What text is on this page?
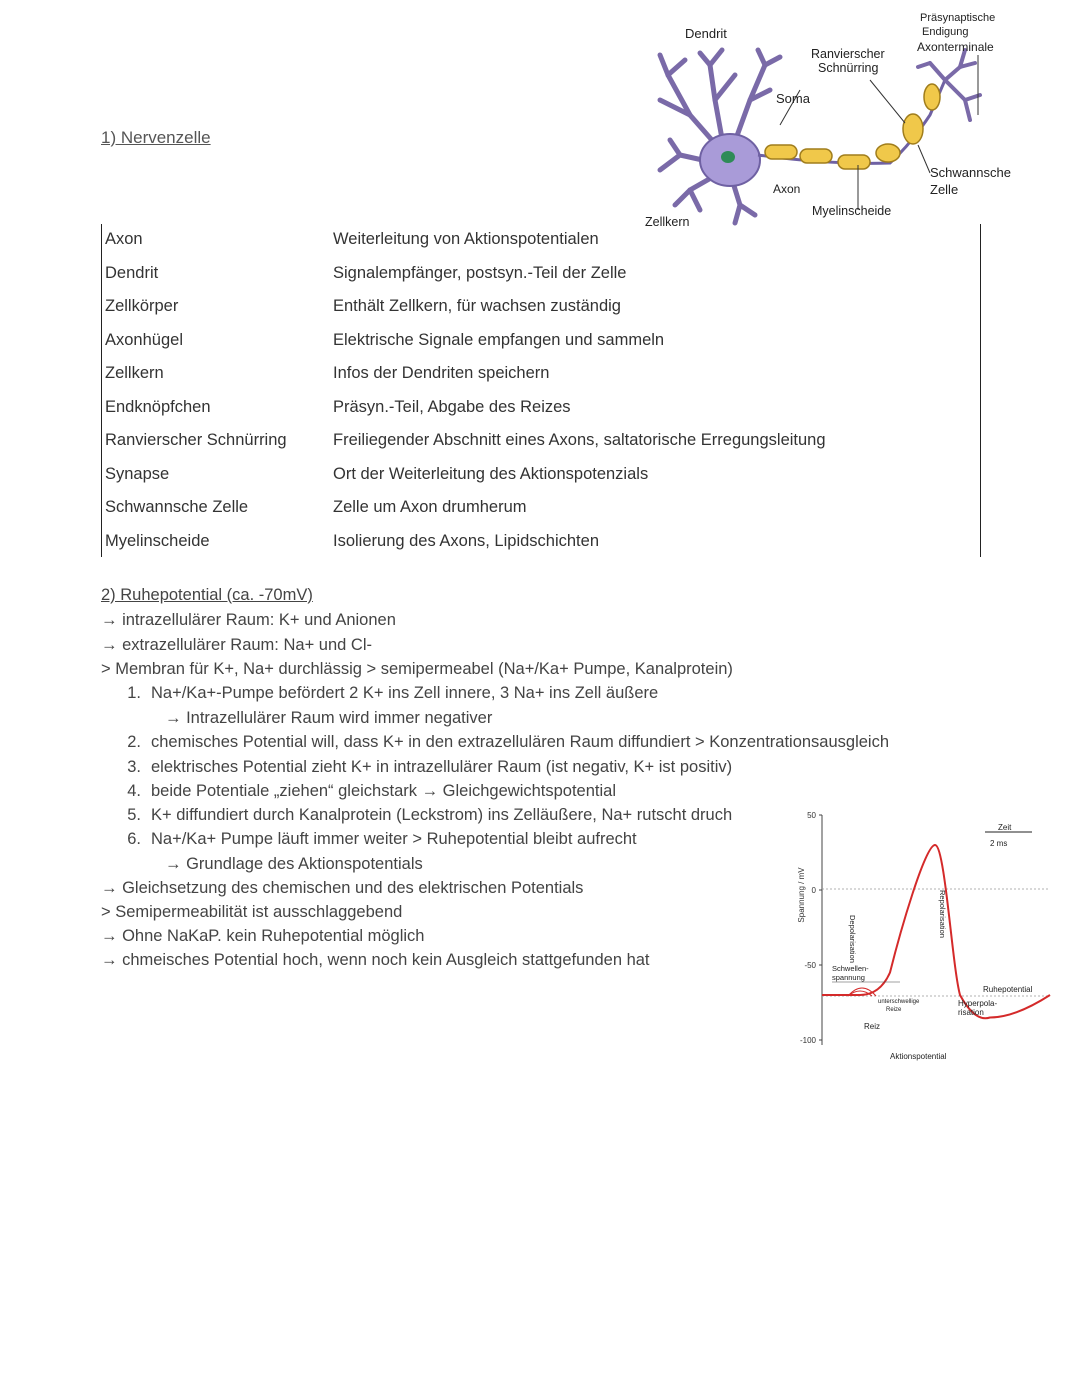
1) Nervenzelle
Dendrit
Präsynaptische
Endigung
Axonterminale
Ranvierscher
Schnürring
Soma
Schwannsche
Zelle
Axon
Myelinscheide
Zellkern
Axon	Weiterleitung von Aktionspotentialen
Dendrit	Signalempfänger, postsyn.-Teil der Zelle
Zellkörper	Enthält Zellkern, für wachsen zuständig
Axonhügel	Elektrische Signale empfangen und sammeln
Zellkern	Infos der Dendriten speichern
Endknöpfchen	Präsyn.-Teil, Abgabe des Reizes
Ranvierscher Schnürring	Freiliegender Abschnitt eines Axons, saltatorische Erregungsleitung
Synapse	Ort der Weiterleitung des Aktionspotenzials
Schwannsche Zelle	Zelle um Axon drumherum
Myelinscheide	Isolierung des Axons, Lipidschichten
2) Ruhepotential (ca. -70mV)
→ intrazellulärer Raum: K+ und Anionen
→ extrazellulärer Raum: Na+ und Cl-
> Membran für K+, Na+ durchlässig > semipermeabel (Na+/Ka+ Pumpe, Kanalprotein)
1. Na+/Ka+-Pumpe befördert 2 K+ ins Zell innere, 3 Na+ ins Zell äußere
→ Intrazellulärer Raum wird immer negativer
2. chemisches Potential will, dass K+ in den extrazellulären Raum diffundiert > Konzentrationsausgleich
3. elektrisches Potential zieht K+ in intrazellulärer Raum (ist negativ, K+ ist positiv)
4. beide Potentiale „ziehen“ gleichstark → Gleichgewichtspotential
5. K+ diffundiert durch Kanalprotein (Leckstrom) ins Zelläußere, Na+ rutscht druch
6. Na+/Ka+ Pumpe läuft immer weiter > Ruhepotential bleibt aufrecht
→ Grundlage des Aktionspotentials
→ Gleichsetzung des chemischen und des elektrischen Potentials
> Semipermeabilität ist ausschlaggebend
→ Ohne NaKaP. kein Ruhepotential möglich
→ chmeisches Potential hoch, wenn noch kein Ausgleich stattgefunden hat
50
0
-50
-100
Spannung / mV
Zeit
2 ms
Schwellen-
spannung
Depolarisation
Repolarisation
unterschwellige
Reize
Reiz
Ruhepotential
Hyperpola-
risation
Aktionspotential
